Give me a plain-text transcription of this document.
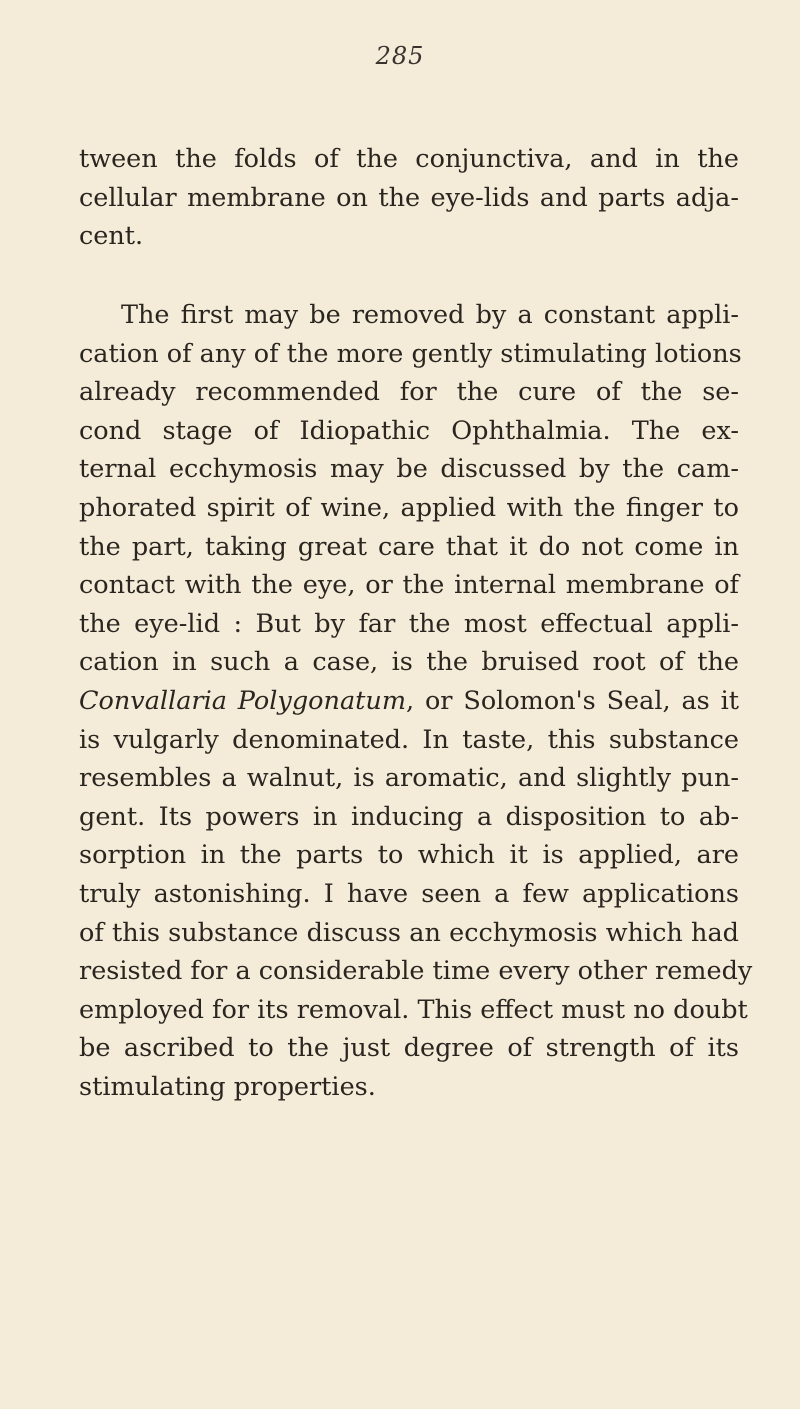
285
tween the folds of the conjunctiva, and in the
cellular membrane on the eye-lids and parts adja-
cent.
The first may be removed by a constant appli-
cation of any of the more gently stimulating lotions
already recommended for the cure of the se-
cond stage of Idiopathic Ophthalmia. The ex-
ternal ecchymosis may be discussed by the cam-
phorated spirit of wine, applied with the finger to
the part, taking great care that it do not come in
contact with the eye, or the internal membrane of
the eye-lid : But by far the most effectual appli-
cation in such a case, is the bruised root of the
Convallaria Polygonatum, or Solomon's Seal, as it
is vulgarly denominated. In taste, this substance
resembles a walnut, is aromatic, and slightly pun-
gent. Its powers in inducing a disposition to ab-
sorption in the parts to which it is applied, are
truly astonishing. I have seen a few applications
of this substance discuss an ecchymosis which had
resisted for a considerable time every other remedy
employed for its removal. This effect must no doubt
be ascribed to the just degree of strength of its
stimulating properties.
